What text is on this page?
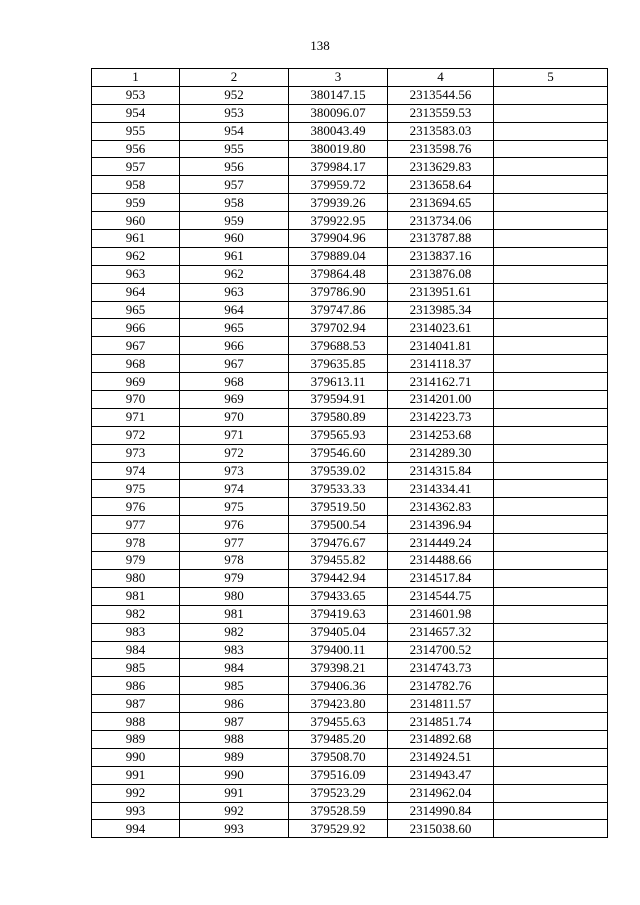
138
1	2	3	4	5
953	952	380147.15	2313544.56	
954	953	380096.07	2313559.53	
955	954	380043.49	2313583.03	
956	955	380019.80	2313598.76	
957	956	379984.17	2313629.83	
958	957	379959.72	2313658.64	
959	958	379939.26	2313694.65	
960	959	379922.95	2313734.06	
961	960	379904.96	2313787.88	
962	961	379889.04	2313837.16	
963	962	379864.48	2313876.08	
964	963	379786.90	2313951.61	
965	964	379747.86	2313985.34	
966	965	379702.94	2314023.61	
967	966	379688.53	2314041.81	
968	967	379635.85	2314118.37	
969	968	379613.11	2314162.71	
970	969	379594.91	2314201.00	
971	970	379580.89	2314223.73	
972	971	379565.93	2314253.68	
973	972	379546.60	2314289.30	
974	973	379539.02	2314315.84	
975	974	379533.33	2314334.41	
976	975	379519.50	2314362.83	
977	976	379500.54	2314396.94	
978	977	379476.67	2314449.24	
979	978	379455.82	2314488.66	
980	979	379442.94	2314517.84	
981	980	379433.65	2314544.75	
982	981	379419.63	2314601.98	
983	982	379405.04	2314657.32	
984	983	379400.11	2314700.52	
985	984	379398.21	2314743.73	
986	985	379406.36	2314782.76	
987	986	379423.80	2314811.57	
988	987	379455.63	2314851.74	
989	988	379485.20	2314892.68	
990	989	379508.70	2314924.51	
991	990	379516.09	2314943.47	
992	991	379523.29	2314962.04	
993	992	379528.59	2314990.84	
994	993	379529.92	2315038.60	
